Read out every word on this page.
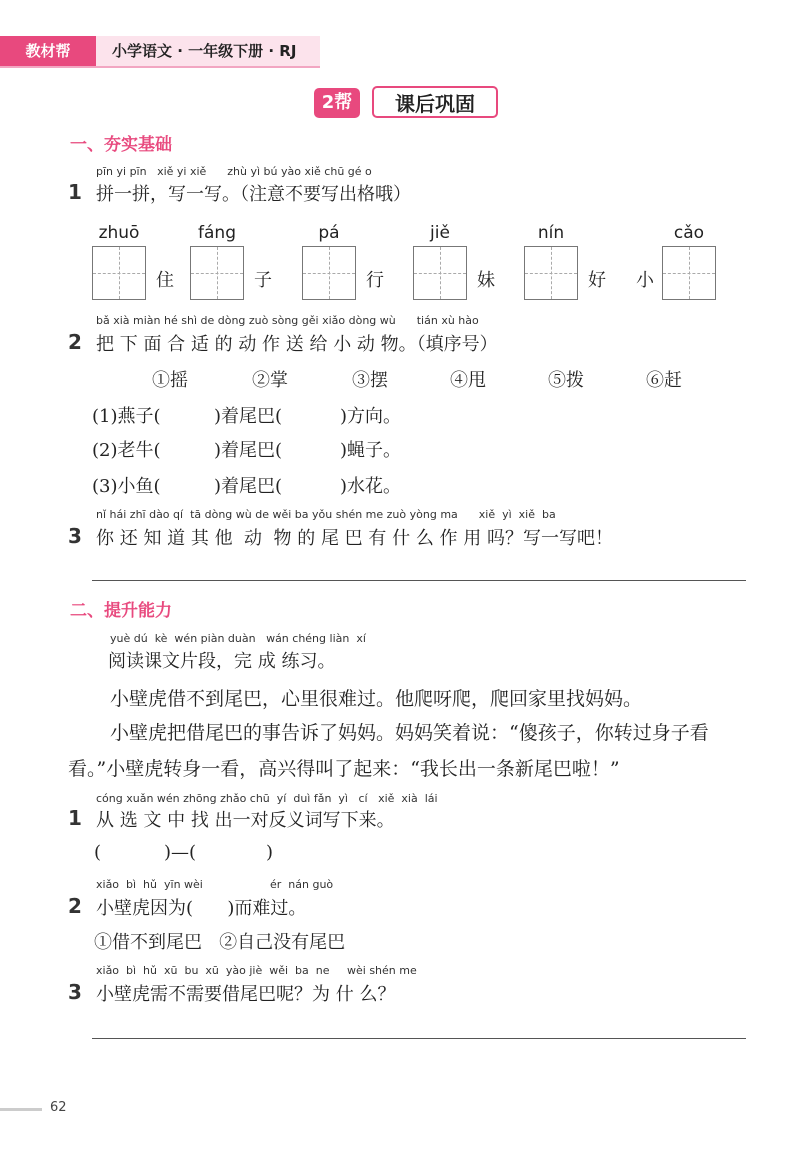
教材帮	小学语文 · 一年级下册 · RJ
2帮	课后巩固
一、夯实基础
pīn yi pīn   xiě yi xiě      zhù yì bú yào xiě chū gé o
1 拼一拼，写一写。（注意不要写出格哦）
zhuō
住
fáng
子
pá
行
jiě
妹
nín
好 小
cǎo
bǎ xià miàn hé shì de dòng zuò sòng gěi xiǎo dòng wù      tián xù hào
2 把 下 面 合 适 的 动 作 送 给 小 动 物。（填序号）
①摇	②掌	③摆	④甩	⑤拨	⑥赶
(1)燕子(	)着尾巴(	)方向。
(2)老牛(	)着尾巴(	)蝇子。
(3)小鱼(	)着尾巴(	)水花。
nǐ hái zhī dào qí  tā dòng wù de wěi ba yǒu shén me zuò yòng ma      xiě  yì  xiě  ba
3 你 还 知 道 其 他  动  物 的 尾 巴 有 什 么 作 用 吗？写一写吧！
二、提升能力
yuè dú  kè  wén piàn duàn   wán chéng liàn  xí
阅读课文片段，完 成 练习。
小壁虎借不到尾巴，心里很难过。他爬呀爬，爬回家里找妈妈。
小壁虎把借尾巴的事告诉了妈妈。妈妈笑着说：“傻孩子，你转过身子看
看。”小壁虎转身一看，高兴得叫了起来：“我长出一条新尾巴啦！”
cóng xuǎn wén zhōng zhǎo chū  yí  duì fǎn  yì   cí   xiě  xià  lái
1 从 选 文 中 找 出一对反义词写下来。
(	)—(	)
xiǎo  bì  hǔ  yīn wèi	ér  nán guò
2 小壁虎因为(      )而难过。
①借不到尾巴   ②自己没有尾巴
xiǎo  bì  hǔ  xū  bu  xū  yào jiè  wěi  ba  ne     wèi shén me
3 小壁虎需不需要借尾巴呢？为 什 么？
62
